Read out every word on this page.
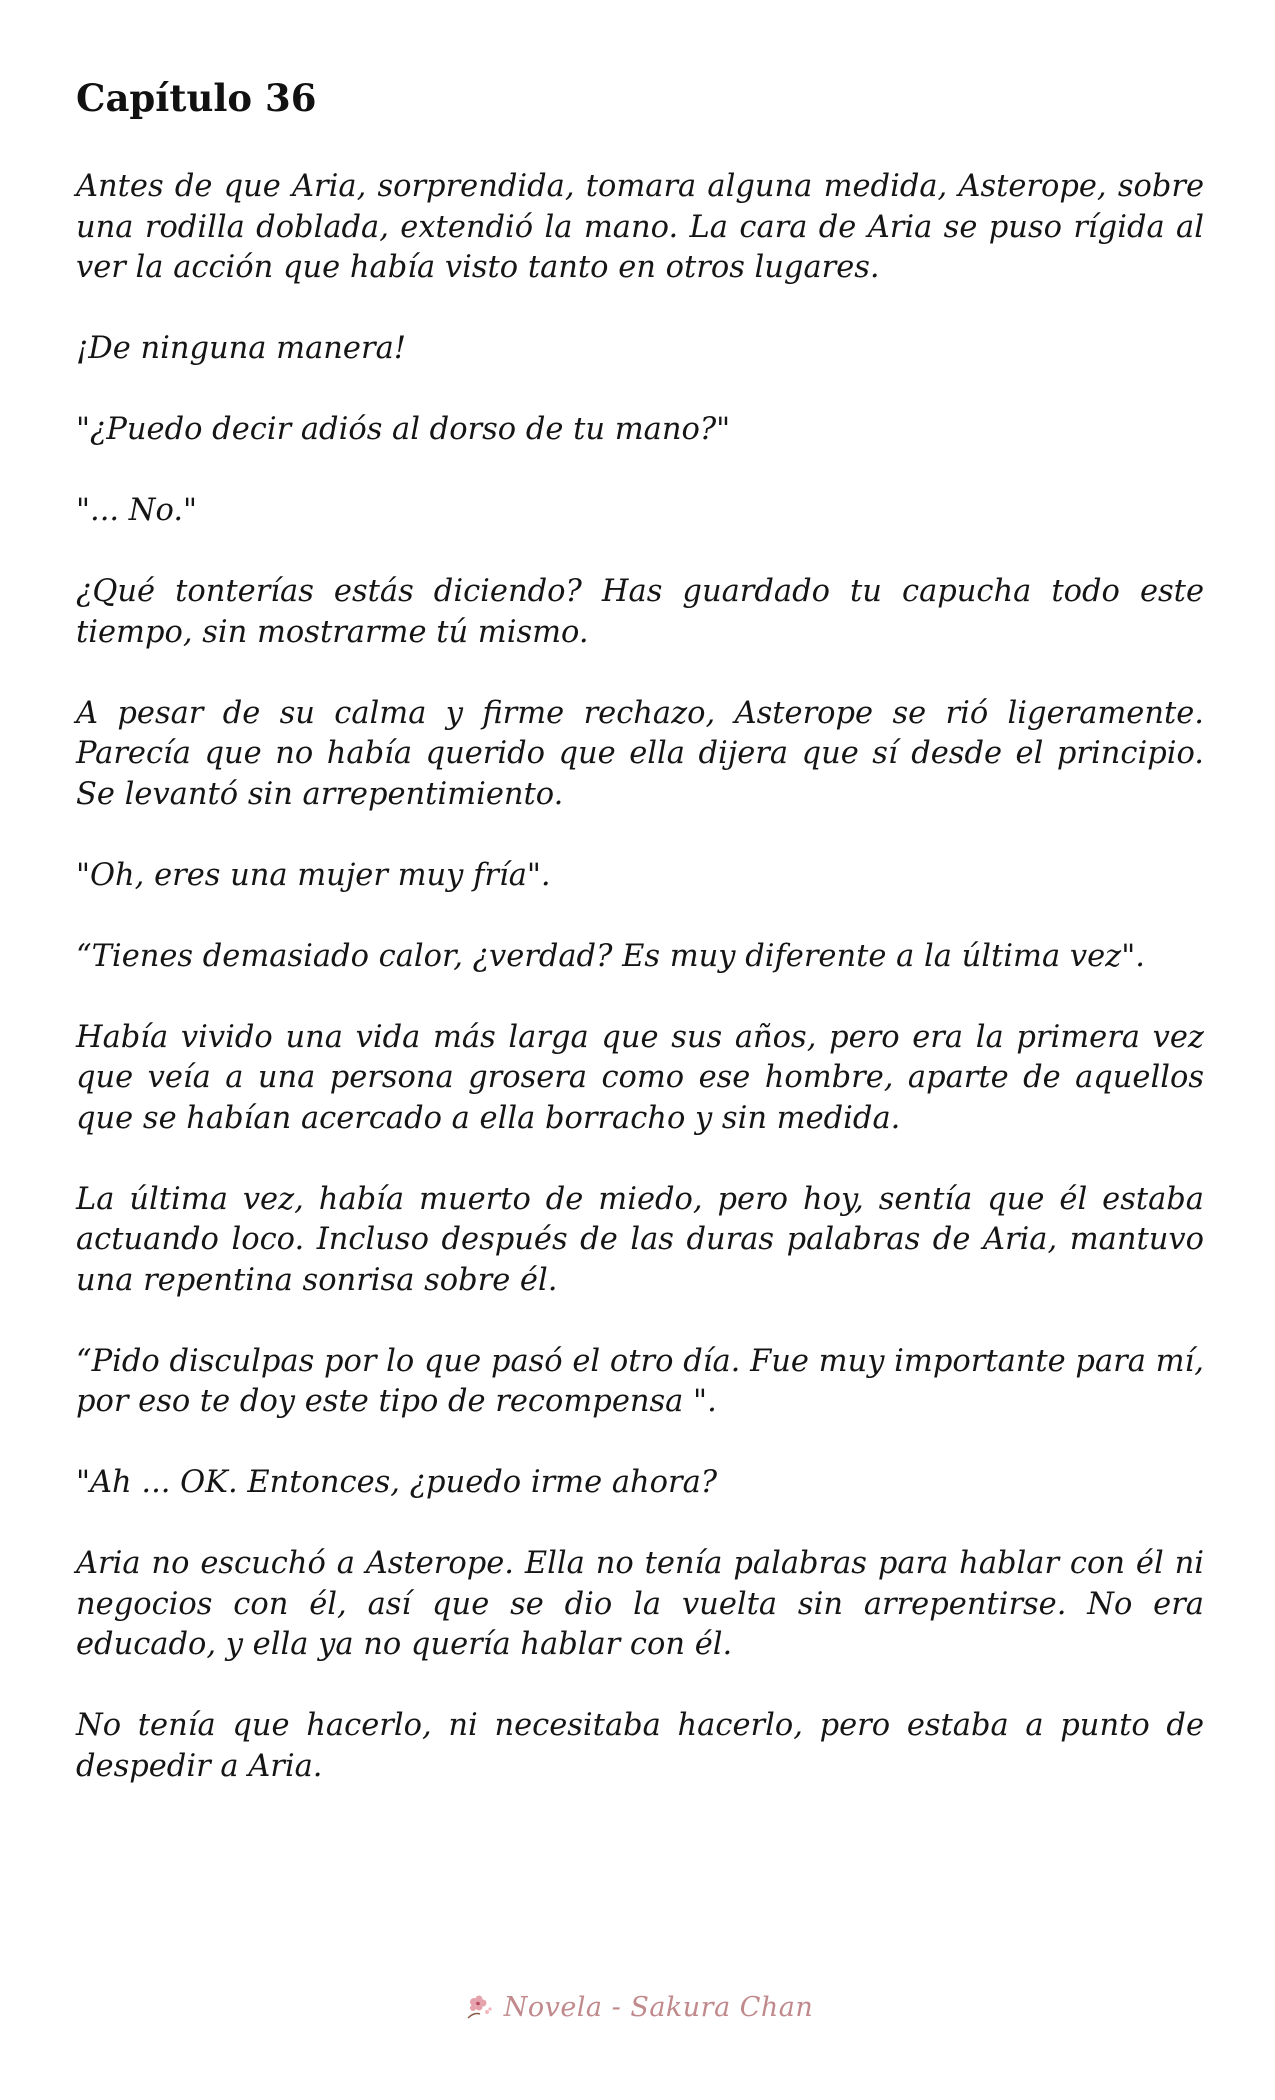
Capítulo 36

Antes de que Aria, sorprendida, tomara alguna medida, Asterope, sobre una rodilla doblada, extendió la mano. La cara de Aria se puso rígida al ver la acción que había visto tanto en otros lugares.

¡De ninguna manera!

"¿Puedo decir adiós al dorso de tu mano?"

"... No."

¿Qué tonterías estás diciendo? Has guardado tu capucha todo este tiempo, sin mostrarme tú mismo.

A pesar de su calma y firme rechazo, Asterope se rió ligeramente. Parecía que no había querido que ella dijera que sí desde el principio. Se levantó sin arrepentimiento.

"Oh, eres una mujer muy fría".

“Tienes demasiado calor, ¿verdad? Es muy diferente a la última vez".

Había vivido una vida más larga que sus años, pero era la primera vez que veía a una persona grosera como ese hombre, aparte de aquellos que se habían acercado a ella borracho y sin medida.

La última vez, había muerto de miedo, pero hoy, sentía que él estaba actuando loco. Incluso después de las duras palabras de Aria, mantuvo una repentina sonrisa sobre él.

“Pido disculpas por lo que pasó el otro día. Fue muy importante para mí, por eso te doy este tipo de recompensa ".

"Ah ... OK. Entonces, ¿puedo irme ahora?

Aria no escuchó a Asterope. Ella no tenía palabras para hablar con él ni negocios con él, así que se dio la vuelta sin arrepentirse. No era educado, y ella ya no quería hablar con él.

No tenía que hacerlo, ni necesitaba hacerlo, pero estaba a punto de despedir a Aria.

Novela - Sakura Chan
